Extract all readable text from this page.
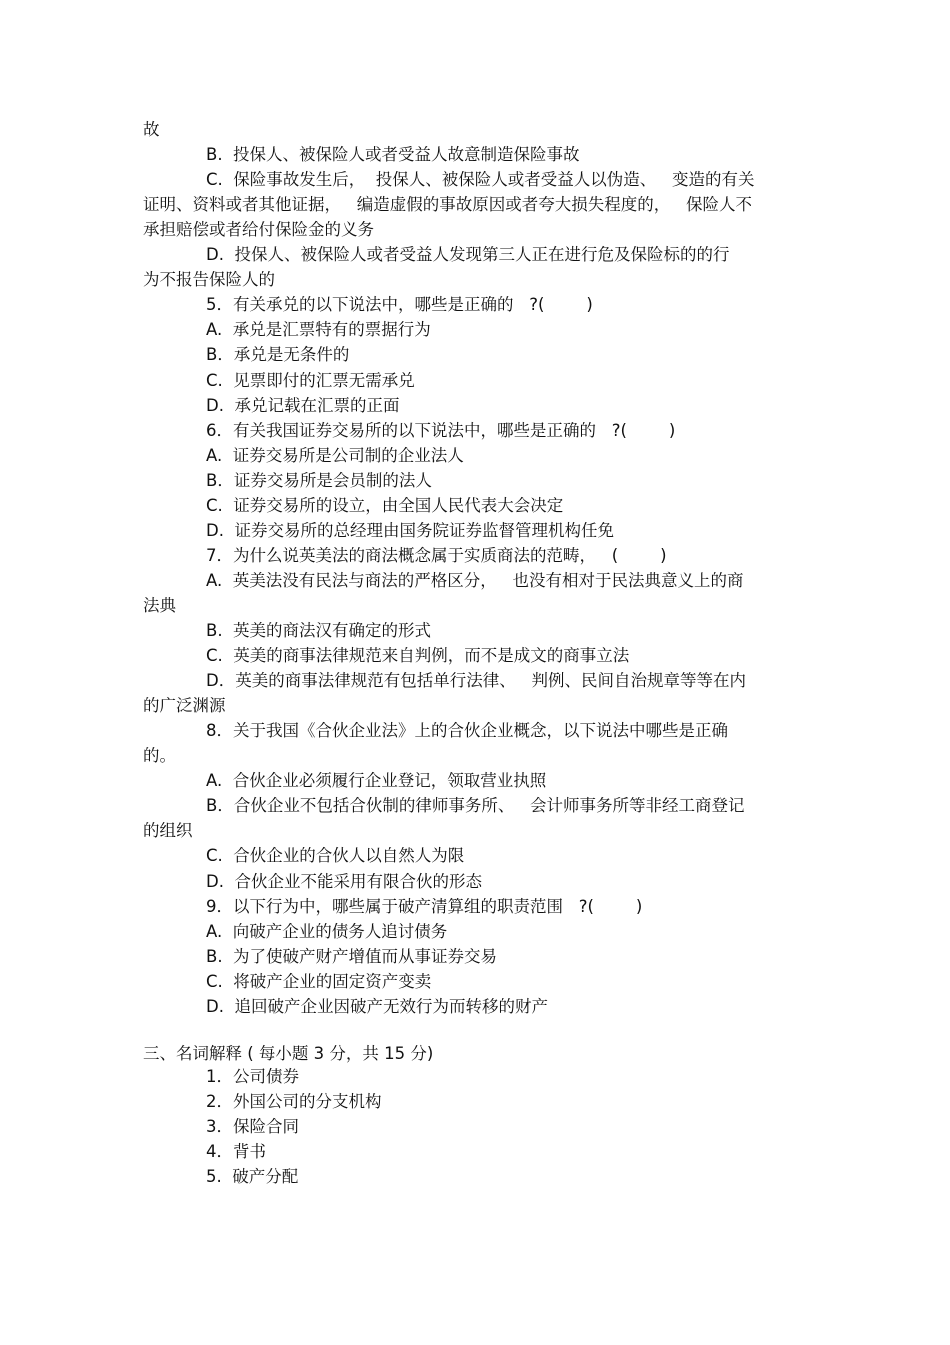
故
B.  投保人、被保险人或者受益人故意制造保险事故
C.  保险事故发生后，  投保人、被保险人或者受益人以伪造、   变造的有关
证明、资料或者其他证据，   编造虚假的事故原因或者夸大损失程度的，   保险人不
承担赔偿或者给付保险金的义务
D.  投保人、被保险人或者受益人发现第三人正在进行危及保险标的的行
为不报告保险人的
5．有关承兑的以下说法中，哪些是正确的   ?(        )
A.  承兑是汇票特有的票据行为
B．承兑是无条件的
C.  见票即付的汇票无需承兑
D.  承兑记载在汇票的正面
6．有关我国证券交易所的以下说法中，哪些是正确的   ?(        )
A.  证券交易所是公司制的企业法人
B．证券交易所是会员制的法人
C.  证券交易所的设立，由全国人民代表大会决定
D.  证券交易所的总经理由国务院证券监督管理机构任免
7．为什么说英美法的商法概念属于实质商法的范畴，   (        )
A.  英美法没有民法与商法的严格区分，   也没有相对于民法典意义上的商
法典
B.  英美的商法汉有确定的形式
C.  英美的商事法律规范来自判例，而不是成文的商事立法
D．英美的商事法律规范有包括单行法律、   判例、民间自治规章等等在内
的广泛渊源
8．关于我国《合伙企业法》上的合伙企业概念，以下说法中哪些是正确
的。
A.  合伙企业必须履行企业登记，领取营业执照
B．合伙企业不包括合伙制的律师事务所、   会计师事务所等非经工商登记
的组织
C.  合伙企业的合伙人以自然人为限
D.  合伙企业不能采用有限合伙的形态
9．以下行为中，哪些属于破产清算组的职责范围   ?(        )
A.  向破产企业的债务人追讨债务
B.  为了使破产财产增值而从事证券交易
C.  将破产企业的固定资产变卖
D.  追回破产企业因破产无效行为而转移的财产
三、名词解释 ( 每小题 3 分，共 15 分)
1．公司债券
2．外国公司的分支机构
3．保险合同
4．背书
5.  破产分配
